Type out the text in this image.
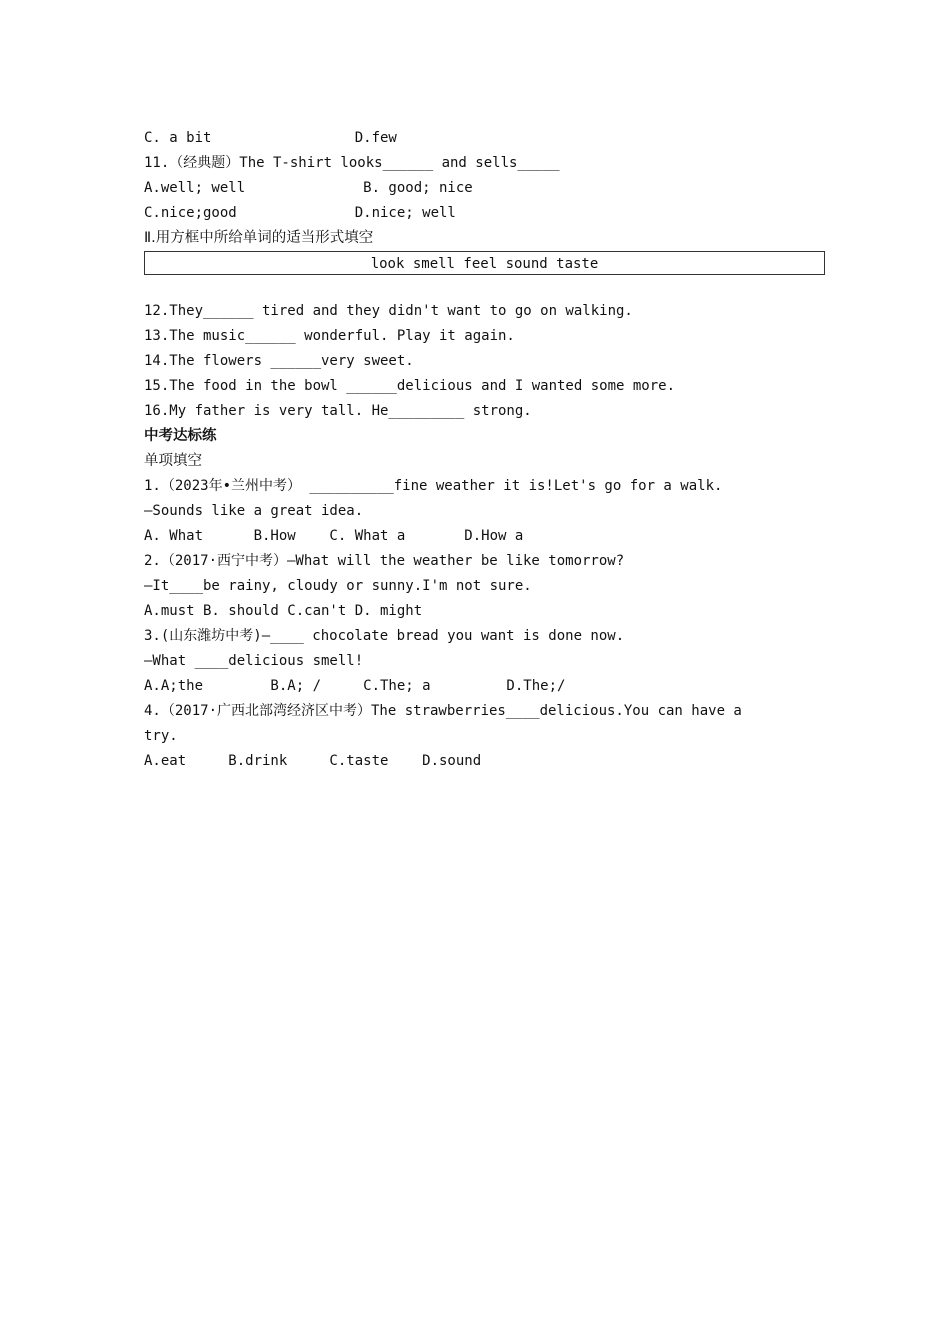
C. a bit                 D.few
11.（经典题）The T-shirt looks______ and sells_____
A.well; well              B. good; nice
C.nice;good              D.nice; well
Ⅱ.用方框中所给单词的适当形式填空
look smell feel sound taste
12.They______ tired and they didn't want to go on walking.
13.The music______ wonderful. Play it again.
14.The flowers ______very sweet.
15.The food in the bowl ______delicious and I wanted some more.
16.My father is very tall. He_________ strong.
中考达标练
单项填空
1.（2023年•兰州中考） __________fine weather it is!Let's go for a walk.
—Sounds like a great idea.
A. What      B.How    C. What a       D.How a
2.（2017·西宁中考）—What will the weather be like tomorrow?
—It____be rainy, cloudy or sunny.I'm not sure.
A.must B. should C.can't D. might
3.(山东潍坊中考)—____ chocolate bread you want is done now.
—What ____delicious smell!
A.A;the        B.A; /     C.The; a         D.The;/
4.（2017·广西北部湾经济区中考）The strawberries____delicious.You can have a
try.
A.eat     B.drink     C.taste    D.sound
